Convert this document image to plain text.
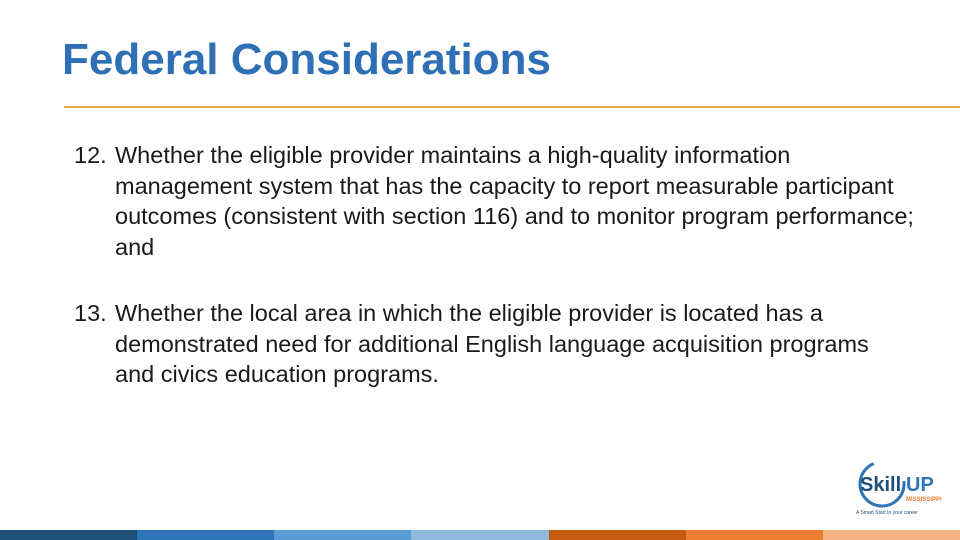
Federal Considerations
12. Whether the eligible provider maintains a high-quality information management system that has the capacity to report measurable participant outcomes (consistent with section 116) and to monitor program performance; and
13. Whether the local area in which the eligible provider is located has a demonstrated need for additional English language acquisition programs and civics education programs.
Skill UP
MISSISSIPPI
A Smart Start to your career
